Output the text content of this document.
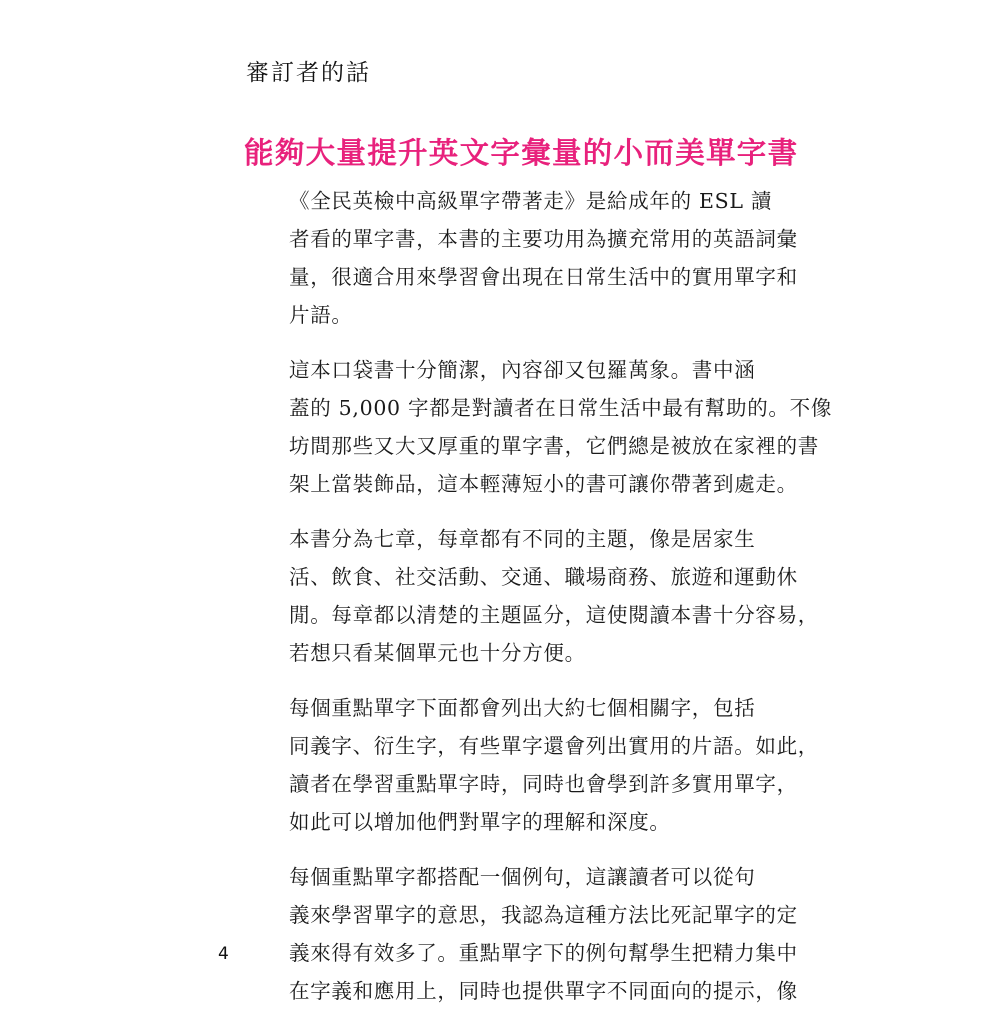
審訂者的話
能夠大量提升英文字彙量的小而美單字書

《全民英檢中高級單字帶著走》是給成年的 ESL 讀
者看的單字書，本書的主要功用為擴充常用的英語詞彙
量，很適合用來學習會出現在日常生活中的實用單字和
片語。

這本口袋書十分簡潔，內容卻又包羅萬象。書中涵
蓋的 5,000 字都是對讀者在日常生活中最有幫助的。不像
坊間那些又大又厚重的單字書，它們總是被放在家裡的書
架上當裝飾品，這本輕薄短小的書可讓你帶著到處走。

本書分為七章，每章都有不同的主題，像是居家生
活、飲食、社交活動、交通、職場商務、旅遊和運動休
閒。每章都以清楚的主題區分，這使閱讀本書十分容易，
若想只看某個單元也十分方便。

每個重點單字下面都會列出大約七個相關字，包括
同義字、衍生字，有些單字還會列出實用的片語。如此，
讀者在學習重點單字時，同時也會學到許多實用單字，
如此可以增加他們對單字的理解和深度。

每個重點單字都搭配一個例句，這讓讀者可以從句
義來學習單字的意思，我認為這種方法比死記單字的定
義來得有效多了。重點單字下的例句幫學生把精力集中
在字義和應用上，同時也提供單字不同面向的提示，像

4
